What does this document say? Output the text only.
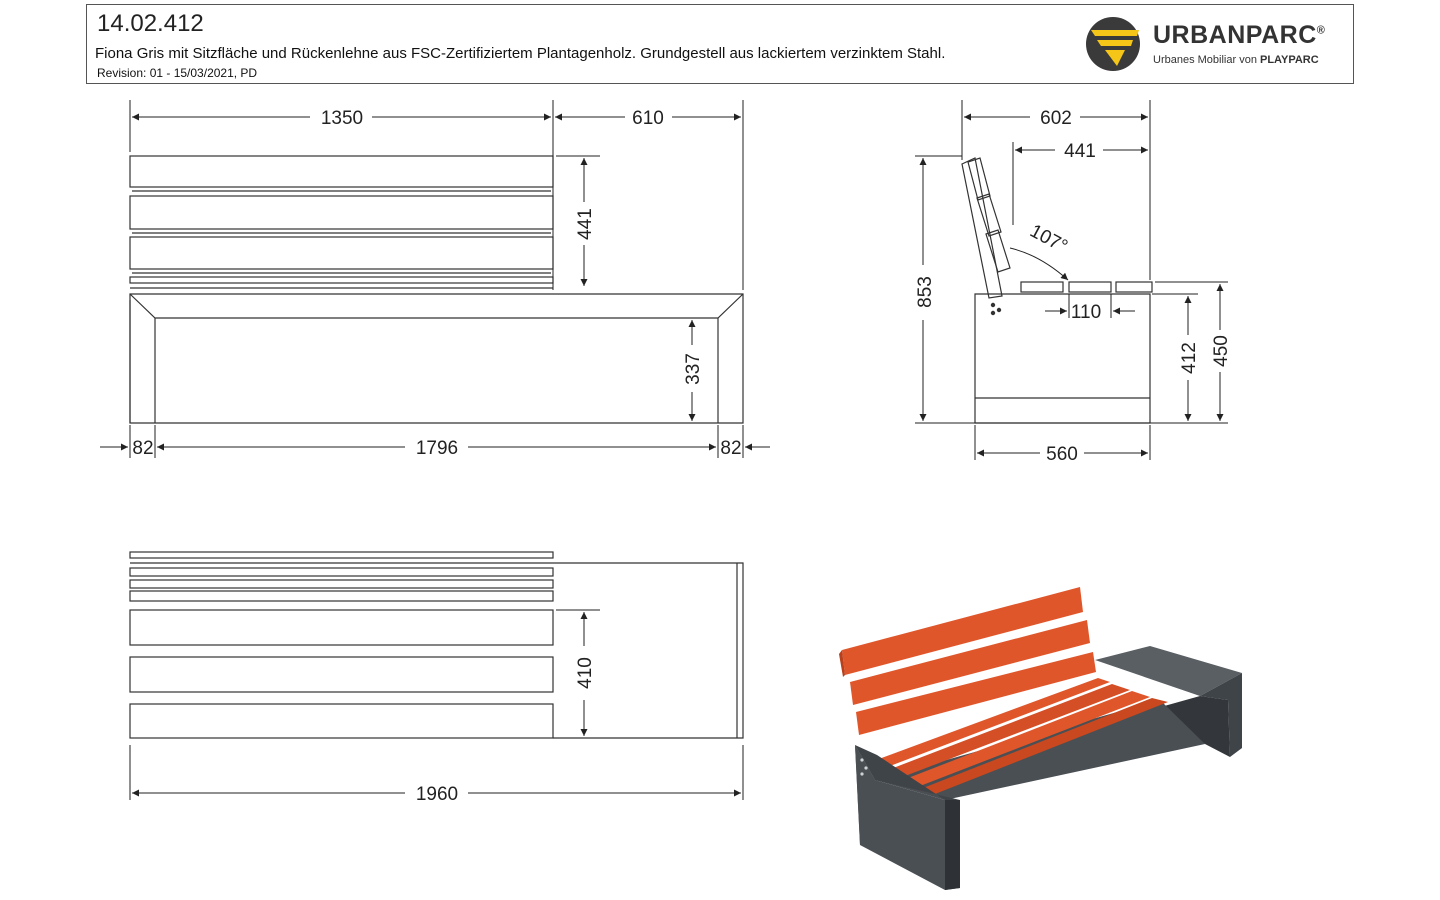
14.02.412
Fiona Gris mit Sitzfläche und Rückenlehne aus FSC-Zertifiziertem Plantagenholz. Grundgestell aus lackiertem verzinktem Stahl.
Revision: 01 - 15/03/2021, PD
URBANPARC®
Urbanes Mobiliar von PLAYPARC
1350	610
441
337
82	1796	82
602
441
107°
853
110
412 450
560
410
1960
